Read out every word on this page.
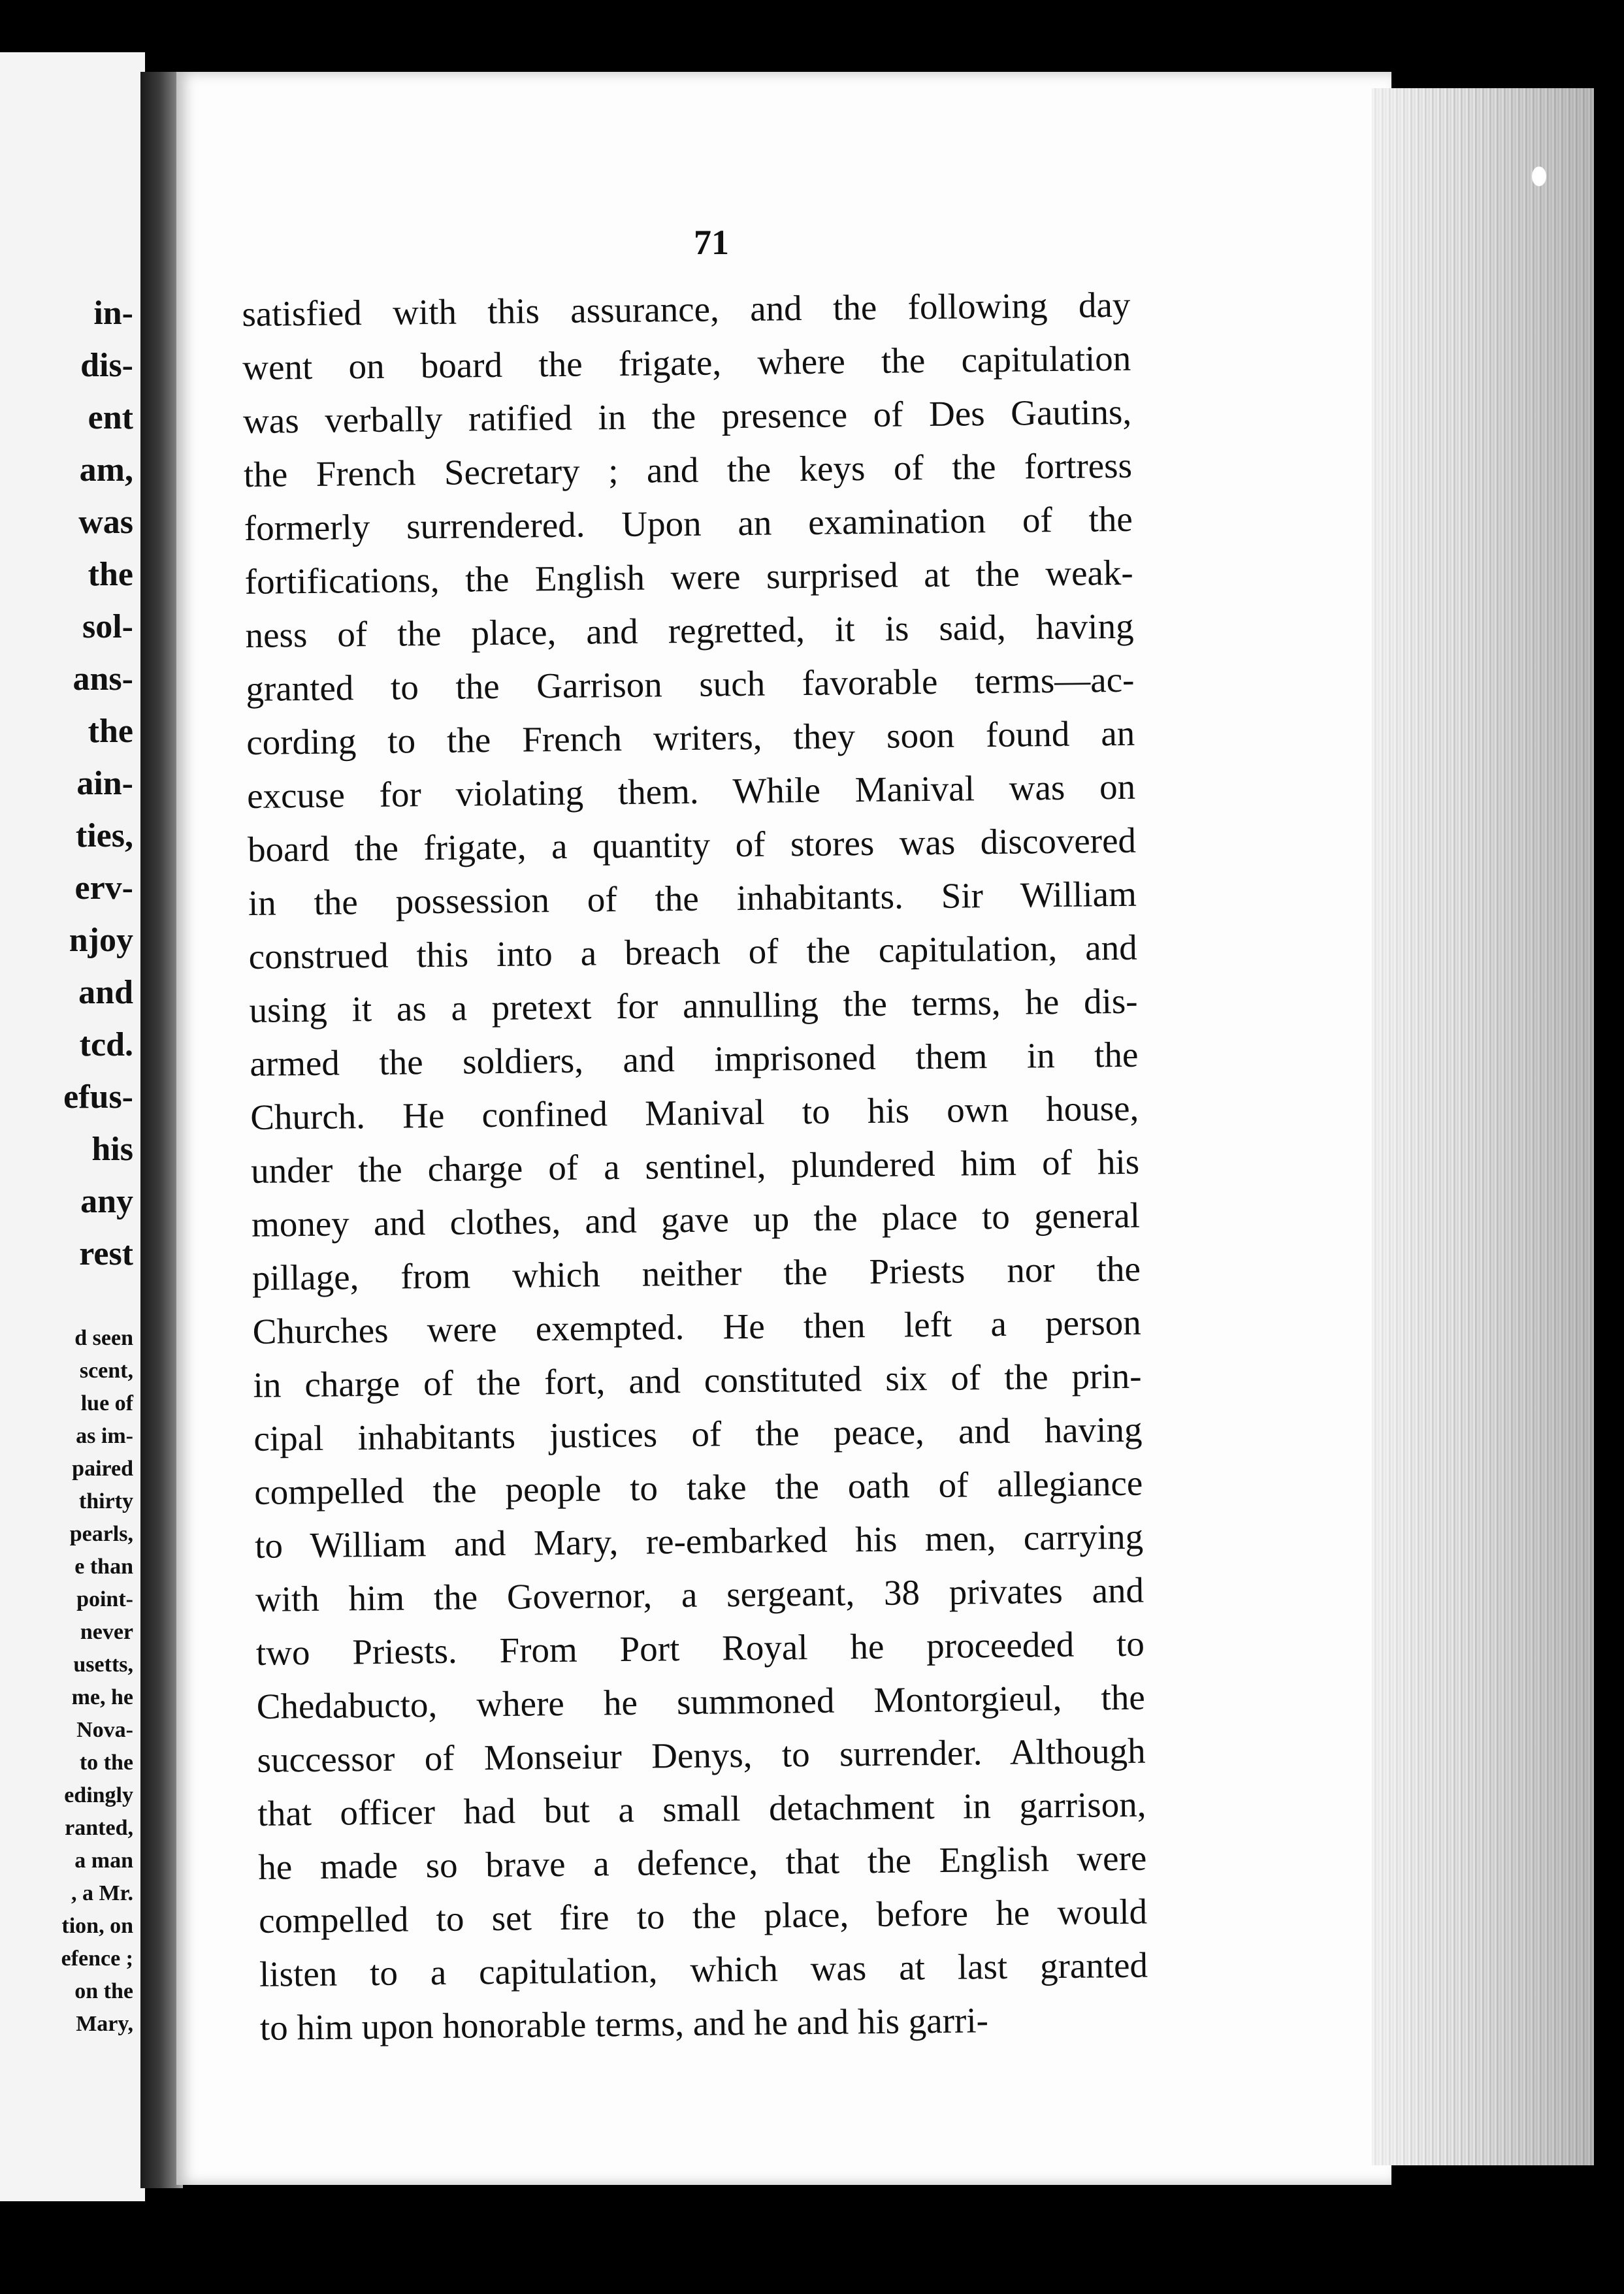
in-
dis-
ent
am,
was
the
sol-
ans-
the
ain-
ties,
erv-
njoy
and
tcd.
efus-
his
any
rest
d seen
scent,
lue of
as im-
paired
thirty
pearls,
e than
point-
never
usetts,
me, he
Nova-
to the
edingly
ranted,
a man
, a Mr.
tion, on
efence ;
on the
Mary,
71
satisfied with this assurance, and the following day
went on board the frigate, where the capitulation
was verbally ratified in the presence of Des Gautins,
the French Secretary ; and the keys of the fortress
formerly surrendered. Upon an examination of the
fortifications, the English were surprised at the weak-
ness of the place, and regretted, it is said, having
granted to the Garrison such favorable terms—ac-
cording to the French writers, they soon found an
excuse for violating them. While Manival was on
board the frigate, a quantity of stores was discovered
in the possession of the inhabitants. Sir William
construed this into a breach of the capitulation, and
using it as a pretext for annulling the terms, he dis-
armed the soldiers, and imprisoned them in the
Church. He confined Manival to his own house,
under the charge of a sentinel, plundered him of his
money and clothes, and gave up the place to general
pillage, from which neither the Priests nor the
Churches were exempted. He then left a person
in charge of the fort, and constituted six of the prin-
cipal inhabitants justices of the peace, and having
compelled the people to take the oath of allegiance
to William and Mary, re-embarked his men, carrying
with him the Governor, a sergeant, 38 privates and
two Priests. From Port Royal he proceeded to
Chedabucto, where he summoned Montorgieul, the
successor of Monseiur Denys, to surrender. Although
that officer had but a small detachment in garrison,
he made so brave a defence, that the English were
compelled to set fire to the place, before he would
listen to a capitulation, which was at last granted
to him upon honorable terms, and he and his garri-
